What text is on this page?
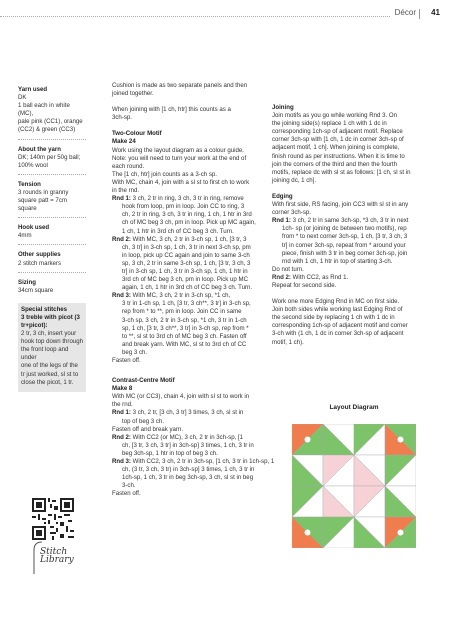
Décor 41
Yarn used
DK
1 ball each in white (MC),
pale pink (CC1), orange
(CC2) & green (CC3)
About the yarn
DK; 140m per 50g ball;
100% wool
Tension
3 rounds in granny
square patt = 7cm square
Hook used
4mm
Other supplies
2 stitch markers
Sizing
34cm square
Special stitches
3 treble with picot (3
tr+picot):
2 tr, 3 ch, insert your
hook top down through
the front loop and under
one of the legs of the
tr just worked, sl st to
close the picot, 1 tr.
Stitch Library

Cushion is made as two separate panels and then

joined together.

When joining with [1 ch, htr] this counts as a

3ch-sp.

Two-Colour Motif

Make 24

Work using the layout diagram as a colour guide.

Note: you will need to turn your work at the end of

each round.

The [1 ch, htr] join counts as a 3-ch sp.

With MC, chain 4, join with a sl st to first ch to work

in the rnd.

Rnd 1: 3 ch, 2 tr in ring, 3 ch, 3 tr in ring, remove

hook from loop, pm in loop. Join CC to ring, 3

ch, 2 tr in ring, 3 ch, 3 tr in ring, 1 ch, 1 htr in 3rd

ch of MC beg 3 ch, pm in loop. Pick up MC again,

1 ch, 1 htr in 3rd ch of CC beg 3 ch. Turn.

Rnd 2: With MC, 3 ch, 2 tr in 3-ch sp, 1 ch, [3 tr, 3

ch, 3 tr] in 3-ch sp, 1 ch, 3 tr in next 3-ch sp, pm

in loop, pick up CC again and join to same 3-ch

sp, 3 ch, 2 tr in same 3-ch sp, 1 ch, [3 tr, 3 ch, 3

tr] in 3-ch sp, 1 ch, 3 tr in 3-ch sp, 1 ch, 1 htr in

3rd ch of MC beg 3 ch, pm in loop. Pick up MC

again, 1 ch, 1 htr in 3rd ch of CC beg 3 ch. Turn.

Rnd 3: With MC, 3 ch, 2 tr in 3-ch sp, *1 ch,

3 tr in 1-ch sp, 1 ch, [3 tr, 3 ch**, 3 tr] in 3-ch sp,

rep from * to **, pm in loop. Join CC in same

3-ch sp, 3 ch, 2 tr in 3-ch sp, *1 ch, 3 tr in 1-ch

sp, 1 ch, [3 tr, 3 ch**, 3 tr] in 3-ch sp, rep from *

to **, sl st to 3rd ch of MC beg 3 ch. Fasten off

and break yarn. With MC, sl st to 3rd ch of CC

beg 3 ch.

Fasten off.

Contrast-Centre Motif

Make 8

With MC (or CC3), chain 4, join with sl st to work in

the rnd.

Rnd 1: 3 ch, 2 tr, [3 ch, 3 tr] 3 times, 3 ch, sl st in

top of beg 3 ch.

Fasten off and break yarn.

Rnd 2: With CC2 (or MC), 3 ch, 2 tr in 3ch-sp, [1

ch, [3 tr, 3 ch, 3 tr] in 3ch-sp] 3 times, 1 ch, 3 tr in

beg 3ch-sp, 1 htr in top of beg 3 ch.

Rnd 3: With CC2, 3 ch, 2 tr in 3ch-sp, [1 ch, 3 tr in 1ch-sp, 1

ch, (3 tr, 3 ch, 3 tr) in 3ch-sp] 3 times, 1 ch, 3 tr in

1ch-sp, 1 ch, 3 tr in beg 3ch-sp, 3 ch, sl st in beg

3-ch.

Fasten off.

Joining

Join motifs as you go while working Rnd 3. On

the joining side(s) replace 1 ch with 1 dc in

corresponding 1ch-sp of adjacent motif. Replace

corner 3ch-sp with [1 ch, 1 dc in corner 3ch-sp of

adjacent motif, 1 ch]. When joining is complete,

finish round as per instructions. When it is time to

join the corners of the third and then the fourth

motifs, replace dc with sl st as follows: [1 ch, sl st in

joining dc, 1 ch].

Edging

With first side, RS facing, join CC3 with sl st in any

corner 3ch-sp.

Rnd 1: 3 ch, 2 tr in same 3ch-sp, *3 ch, 3 tr in next

1ch- sp (or joining dc between two motifs), rep

from * to next corner 3ch-sp, 1 ch, [3 tr, 3 ch, 3

tr] in corner 3ch-sp, repeat from * around your

piece, finish with 3 tr in beg corner 3ch-sp, join

rnd with 1 ch, 1 htr in top of starting 3-ch.

Do not turn.

Rnd 2: With CC2, as Rnd 1.

Repeat for second side.

Work one more Edging Rnd in MC on first side.

Join both sides while working last Edging Rnd of

the second side by replacing 1 ch with 1 dc in

corresponding 1ch-sp of adjacent motif and corner

3-ch with (1 ch, 1 dc in corner 3ch-sp of adjacent

motif, 1 ch).

Layout Diagram
